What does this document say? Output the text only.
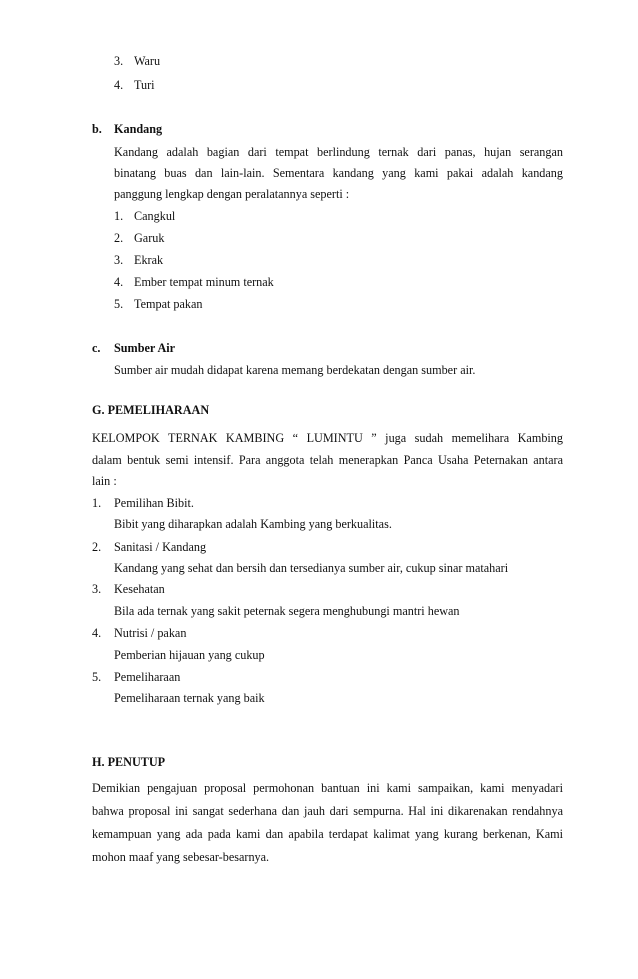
3. Waru
4. Turi
b. Kandang
Kandang adalah bagian dari tempat berlindung ternak dari panas, hujan serangan
binatang buas dan lain-lain. Sementara kandang yang kami pakai adalah kandang
panggung lengkap dengan peralatannya seperti :
1. Cangkul
2. Garuk
3. Ekrak
4. Ember tempat minum ternak
5. Tempat pakan
c. Sumber Air
Sumber air mudah didapat karena memang berdekatan dengan sumber air.
G. PEMELIHARAAN
KELOMPOK TERNAK KAMBING “ LUMINTU ” juga sudah memelihara Kambing
dalam bentuk semi intensif. Para anggota telah menerapkan Panca Usaha Peternakan antara
lain :
1. Pemilihan Bibit.
Bibit yang diharapkan adalah Kambing yang berkualitas.
2. Sanitasi / Kandang
Kandang yang sehat dan bersih dan tersedianya sumber air, cukup sinar matahari
3. Kesehatan
Bila ada ternak yang sakit peternak segera menghubungi mantri hewan
4. Nutrisi / pakan
Pemberian hijauan yang cukup
5. Pemeliharaan
Pemeliharaan ternak yang baik
H. PENUTUP
Demikian pengajuan proposal permohonan bantuan ini kami sampaikan, kami menyadari
bahwa proposal ini sangat sederhana dan jauh dari sempurna. Hal ini dikarenakan rendahnya
kemampuan yang ada pada kami dan apabila terdapat kalimat yang kurang berkenan, Kami
mohon maaf yang sebesar-besarnya.
